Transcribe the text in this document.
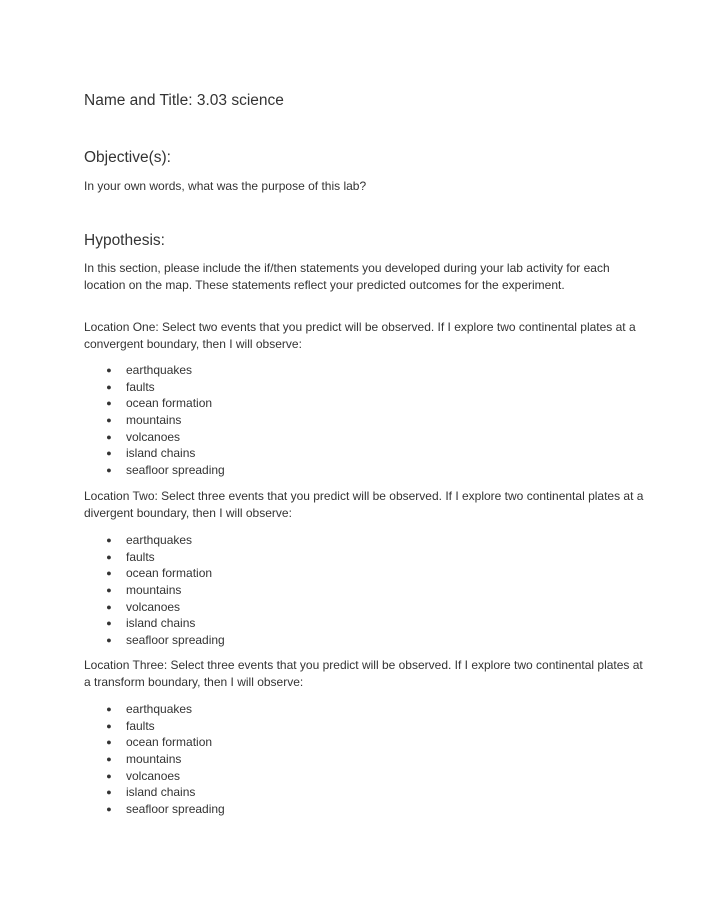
Name and Title: 3.03 science
Objective(s):
In your own words, what was the purpose of this lab?
Hypothesis:
In this section, please include the if/then statements you developed during your lab activity for each location on the map. These statements reflect your predicted outcomes for the experiment.
Location One: Select two events that you predict will be observed. If I explore two continental plates at a convergent boundary, then I will observe:
● earthquakes
● faults
● ocean formation
● mountains
● volcanoes
● island chains
● seafloor spreading
Location Two: Select three events that you predict will be observed. If I explore two continental plates at a divergent boundary, then I will observe:
● earthquakes
● faults
● ocean formation
● mountains
● volcanoes
● island chains
● seafloor spreading
Location Three: Select three events that you predict will be observed. If I explore two continental plates at a transform boundary, then I will observe:
● earthquakes
● faults
● ocean formation
● mountains
● volcanoes
● island chains
● seafloor spreading
